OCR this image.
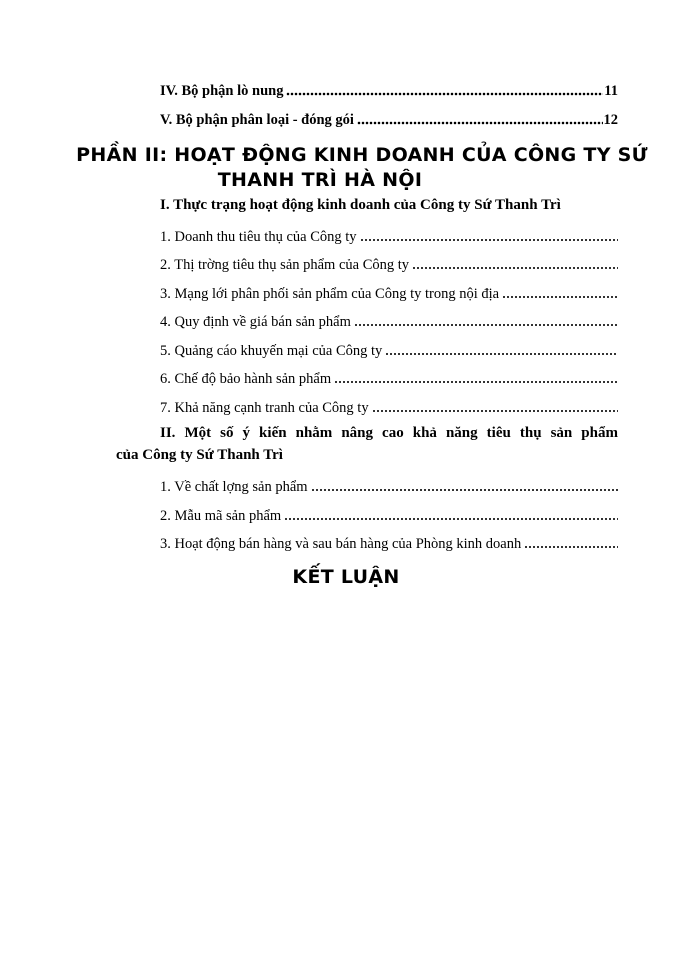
IV. Bộ phận lò nung	11
V. Bộ phận phân loại - đóng gói	12
PHẦN II: HOẠT ĐỘNG KINH DOANH CỦA CÔNG TY SỨ
THANH TRÌ HÀ NỘI
I. Thực trạng hoạt động kinh doanh của Công ty Sứ Thanh Trì
1. Doanh thu tiêu thụ của Công ty
2. Thị trờng tiêu thụ sản phẩm của Công ty
3. Mạng lới phân phối sản phẩm của Công ty trong nội địa
4. Quy định về giá bán sản phẩm
5. Quảng cáo khuyến mại của Công ty
6. Chế độ bảo hành sản phẩm
7. Khả năng cạnh tranh của Công ty
II. Một số ý kiến nhằm nâng cao khả năng tiêu thụ sản phẩm
của Công ty Sứ Thanh Trì
1. Về chất lợng sản phẩm
2. Mẫu mã sản phẩm
3. Hoạt động bán hàng và sau bán hàng của Phòng kinh doanh
KẾT LUẬN
